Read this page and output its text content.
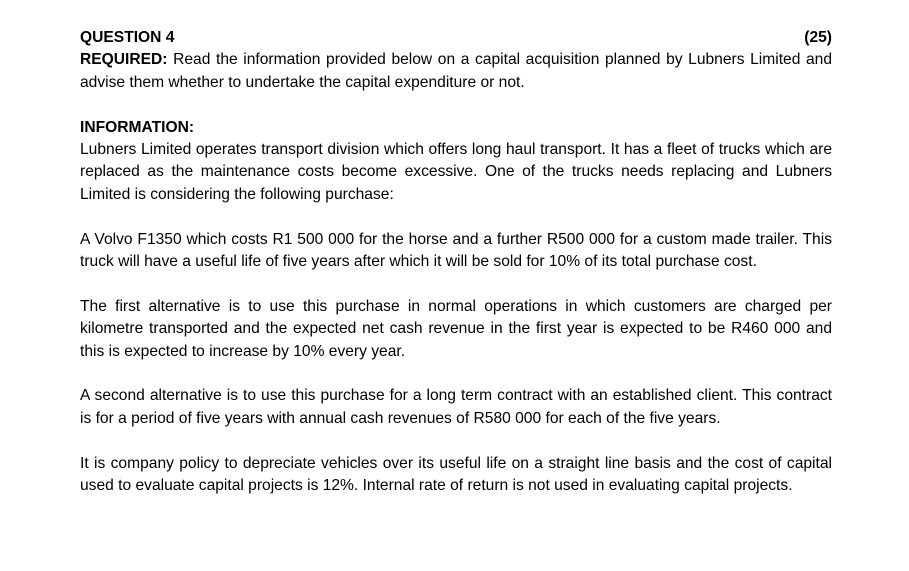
QUESTION 4	(25)

REQUIRED: Read the information provided below on a capital acquisition planned by Lubners Limited and advise them whether to undertake the capital expenditure or not.

INFORMATION:

Lubners Limited operates transport division which offers long haul transport. It has a fleet of trucks which are replaced as the maintenance costs become excessive. One of the trucks needs replacing and Lubners Limited is considering the following purchase:

A Volvo F1350 which costs R1 500 000 for the horse and a further R500 000 for a custom made trailer. This truck will have a useful life of five years after which it will be sold for 10% of its total purchase cost.

The first alternative is to use this purchase in normal operations in which customers are charged per kilometre transported and the expected net cash revenue in the first year is expected to be R460 000 and this is expected to increase by 10% every year.

A second alternative is to use this purchase for a long term contract with an established client. This contract is for a period of five years with annual cash revenues of R580 000 for each of the five years.

It is company policy to depreciate vehicles over its useful life on a straight line basis and the cost of capital used to evaluate capital projects is 12%. Internal rate of return is not used in evaluating capital projects.
